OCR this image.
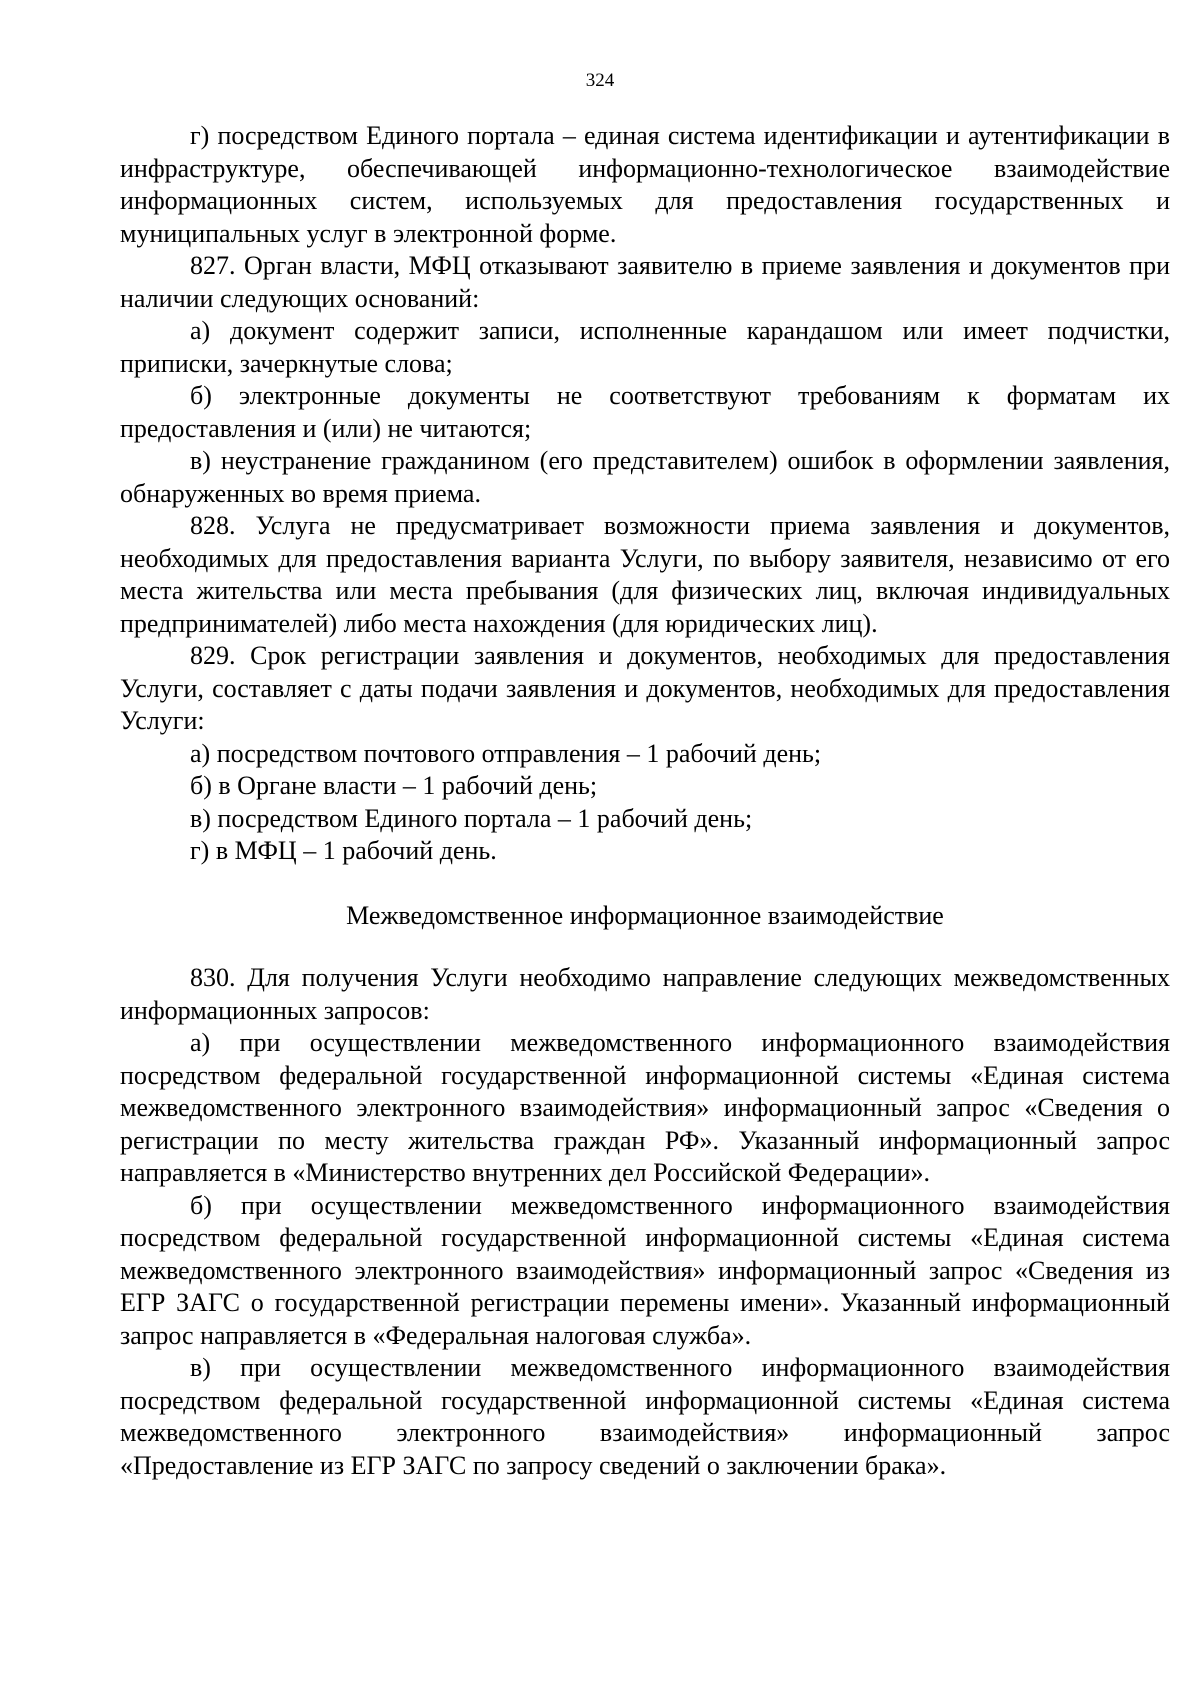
324

г) посредством Единого портала – единая система идентификации и аутентификации в инфраструктуре, обеспечивающей информационно-технологическое взаимодействие информационных систем, используемых для предоставления государственных и муниципальных услуг в электронной форме.

827. Орган власти, МФЦ отказывают заявителю в приеме заявления и документов при наличии следующих оснований:

а) документ содержит записи, исполненные карандашом или имеет подчистки, приписки, зачеркнутые слова;

б) электронные документы не соответствуют требованиям к форматам их предоставления и (или) не читаются;

в) неустранение гражданином (его представителем) ошибок в оформлении заявления, обнаруженных во время приема.

828. Услуга не предусматривает возможности приема заявления и документов, необходимых для предоставления варианта Услуги, по выбору заявителя, независимо от его места жительства или места пребывания (для физических лиц, включая индивидуальных предпринимателей) либо места нахождения (для юридических лиц).

829. Срок регистрации заявления и документов, необходимых для предоставления Услуги, составляет с даты подачи заявления и документов, необходимых для предоставления Услуги:

а) посредством почтового отправления – 1 рабочий день;

б) в Органе власти – 1 рабочий день;

в) посредством Единого портала – 1 рабочий день;

г) в МФЦ – 1 рабочий день.

Межведомственное информационное взаимодействие

830. Для получения Услуги необходимо направление следующих межведомственных информационных запросов:

а) при осуществлении межведомственного информационного взаимодействия посредством федеральной государственной информационной системы «Единая система межведомственного электронного взаимодействия» информационный запрос «Сведения о регистрации по месту жительства граждан РФ». Указанный информационный запрос направляется в «Министерство внутренних дел Российской Федерации».

б) при осуществлении межведомственного информационного взаимодействия посредством федеральной государственной информационной системы «Единая система межведомственного электронного взаимодействия» информационный запрос «Сведения из ЕГР ЗАГС о государственной регистрации перемены имени». Указанный информационный запрос направляется в «Федеральная налоговая служба».

в) при осуществлении межведомственного информационного взаимодействия посредством федеральной государственной информационной системы «Единая система межведомственного электронного взаимодействия» информационный запрос «Предоставление из ЕГР ЗАГС по запросу сведений о заключении брака».
